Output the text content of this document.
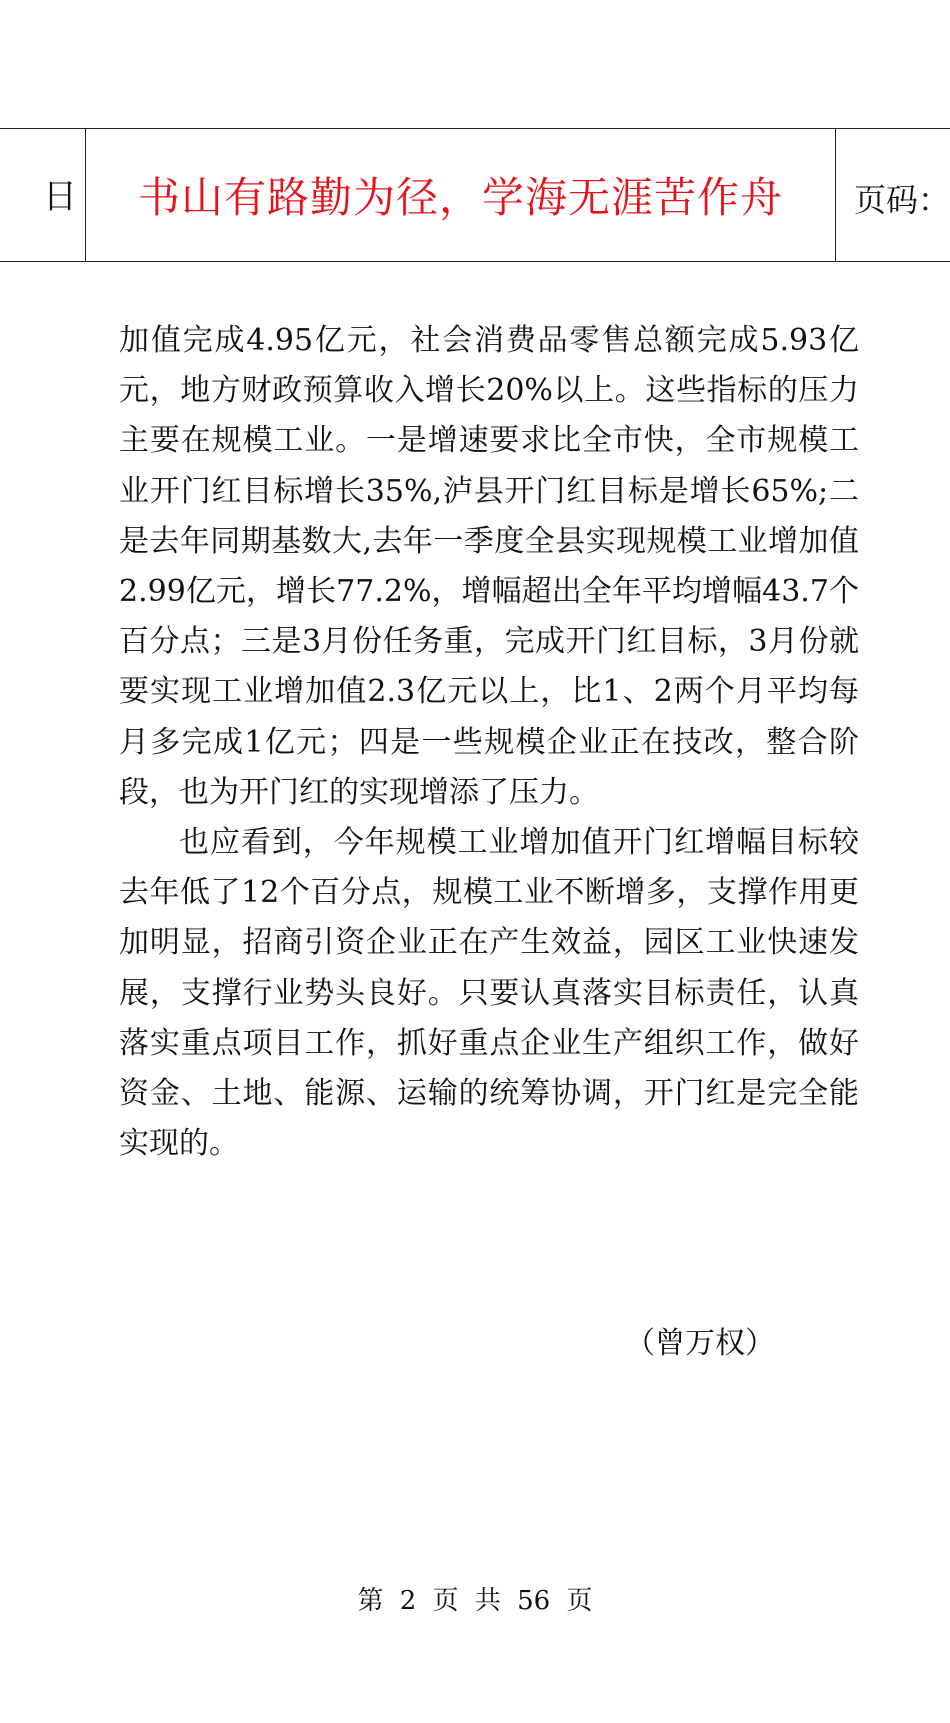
日	书山有路勤为径，学海无涯苦作舟	页码：

加值完成4.95亿元，社会消费品零售总额完成5.93亿元，地方财政预算收入增长20%以上。这些指标的压力主要在规模工业。一是增速要求比全市快，全市规模工业开门红目标增长35%,泸县开门红目标是增长65%;二是去年同期基数大,去年一季度全县实现规模工业增加值2.99亿元，增长77.2%，增幅超出全年平均增幅43.7个百分点；三是3月份任务重，完成开门红目标，3月份就要实现工业增加值2.3亿元以上，比1、2两个月平均每月多完成1亿元；四是一些规模企业正在技改，整合阶段，也为开门红的实现增添了压力。

也应看到，今年规模工业增加值开门红增幅目标较去年低了12个百分点，规模工业不断增多，支撑作用更加明显，招商引资企业正在产生效益，园区工业快速发展，支撑行业势头良好。只要认真落实目标责任，认真落实重点项目工作，抓好重点企业生产组织工作，做好资金、土地、能源、运输的统筹协调，开门红是完全能实现的。

（曾万权）
第 2 页 共 56 页
